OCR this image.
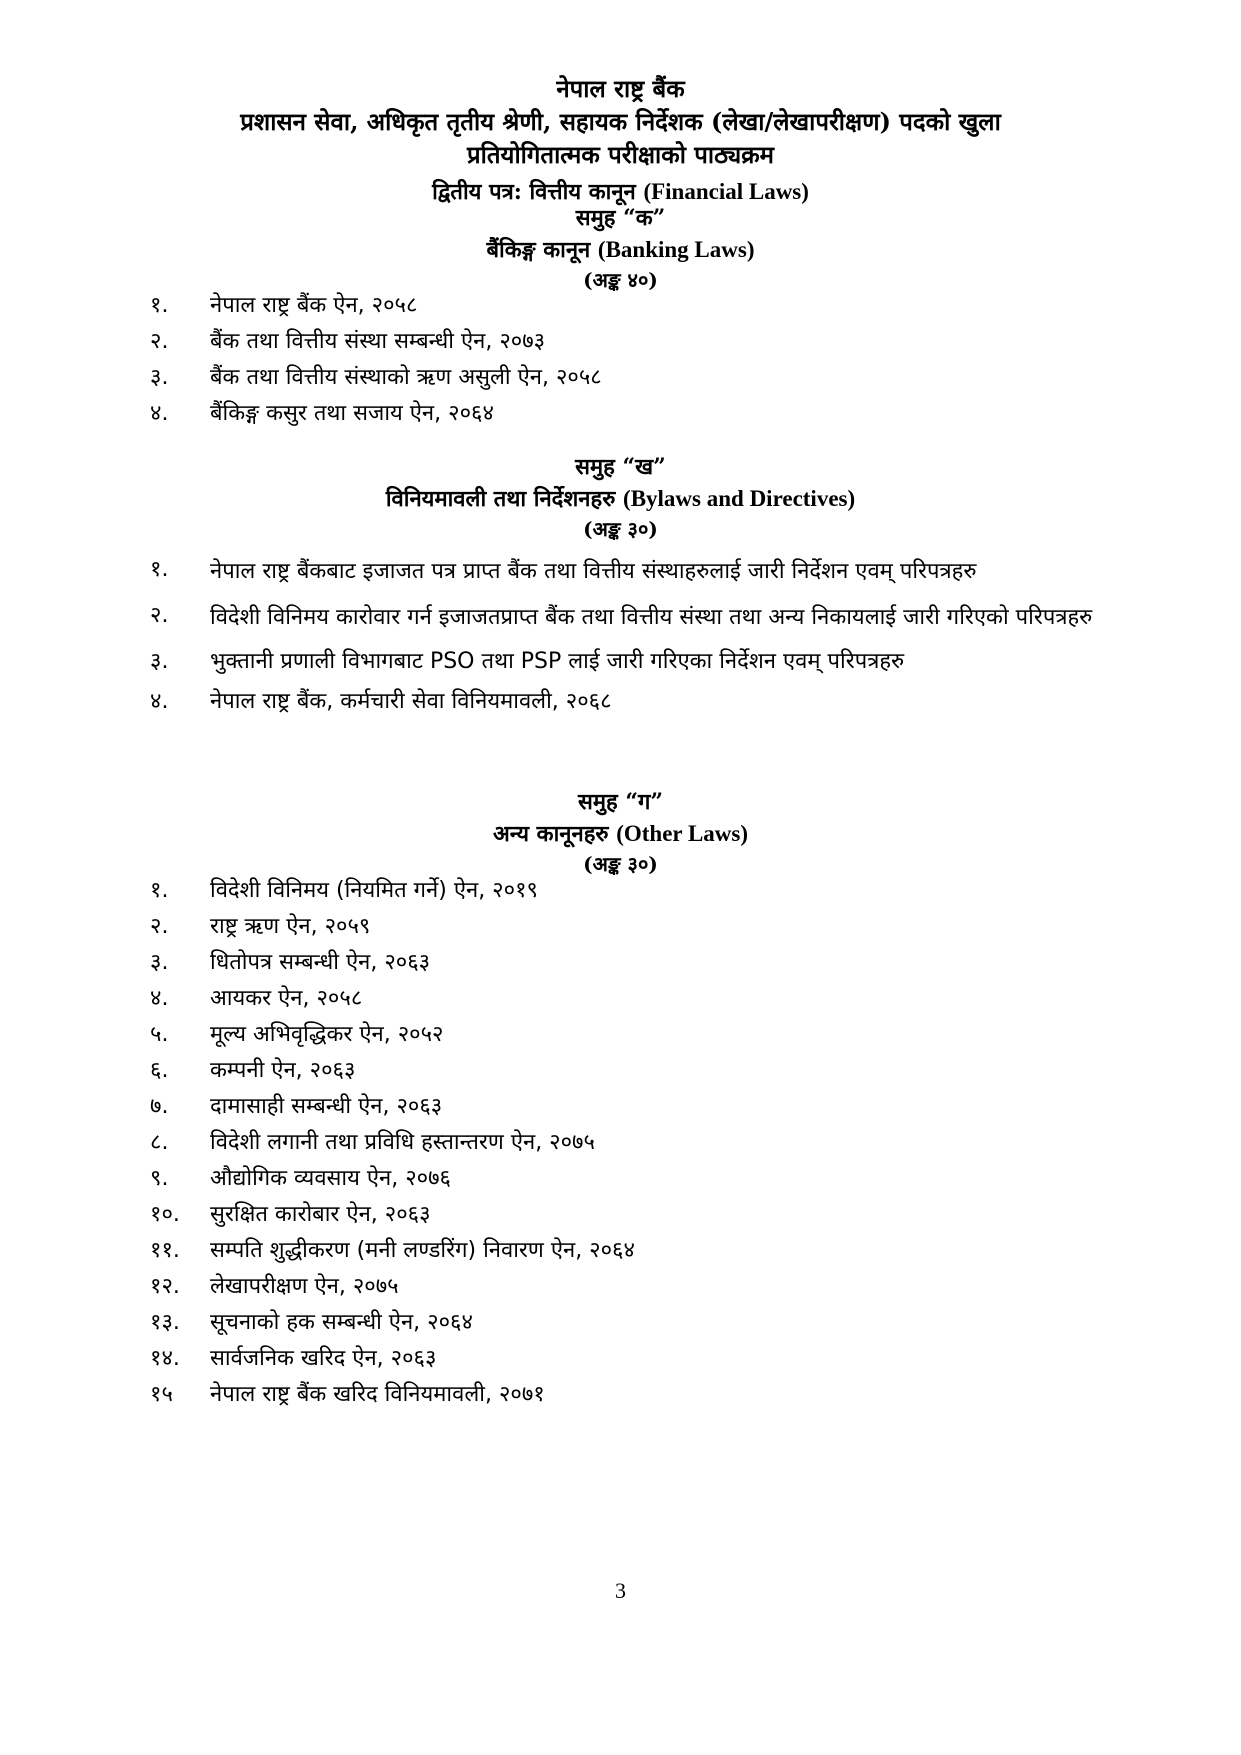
नेपाल राष्ट्र बैंक

प्रशासन सेवा, अधिकृत तृतीय श्रेणी, सहायक निर्देशक (लेखा/लेखापरीक्षण) पदको खुला

प्रतियोगितात्मक परीक्षाको पाठ्यक्रम

द्वितीय पत्र: वित्तीय कानून (Financial Laws)

समुह “क”

बैंकिङ्ग कानून (Banking Laws)

(अङ्क ४०)

१.	नेपाल राष्ट्र बैंक ऐन, २०५८
२.	बैंक तथा वित्तीय संस्था सम्बन्धी ऐन, २०७३
३.	बैंक तथा वित्तीय संस्थाको ऋण असुली ऐन, २०५८
४.	बैंकिङ्ग कसुर तथा सजाय ऐन, २०६४

समुह “ख”

विनियमावली तथा निर्देशनहरु (Bylaws and Directives)

(अङ्क ३०)

१.	नेपाल राष्ट्र बैंकबाट इजाजत पत्र प्राप्त बैंक तथा वित्तीय संस्थाहरुलाई जारी निर्देशन एवम् परिपत्रहरु
२.	विदेशी विनिमय कारोवार गर्न इजाजतप्राप्त बैंक तथा वित्तीय संस्था तथा अन्य निकायलाई जारी गरिएको परिपत्रहरु
३.	भुक्तानी प्रणाली विभागबाट PSO तथा PSP लाई जारी गरिएका निर्देशन एवम् परिपत्रहरु
४.	नेपाल राष्ट्र बैंक, कर्मचारी सेवा विनियमावली, २०६८

समुह “ग”

अन्य कानूनहरु (Other Laws)

(अङ्क ३०)

१.	विदेशी विनिमय (नियमित गर्ने) ऐन, २०१९
२.	राष्ट्र ऋण ऐन, २०५९
३.	धितोपत्र सम्बन्धी ऐन, २०६३
४.	आयकर ऐन, २०५८
५.	मूल्य अभिवृद्धिकर ऐन, २०५२
६.	कम्पनी ऐन, २०६३
७.	दामासाही सम्बन्धी ऐन, २०६३
८.	विदेशी लगानी तथा प्रविधि हस्तान्तरण ऐन, २०७५
९.	औद्योगिक व्यवसाय ऐन, २०७६
१०.	सुरक्षित कारोबार ऐन, २०६३
११.	सम्पति शुद्धीकरण (मनी लण्डरिंग) निवारण ऐन, २०६४
१२.	लेखापरीक्षण ऐन, २०७५
१३.	सूचनाको हक सम्बन्धी ऐन, २०६४
१४.	सार्वजनिक खरिद ऐन, २०६३
१५	नेपाल राष्ट्र बैंक खरिद विनियमावली, २०७१
3
